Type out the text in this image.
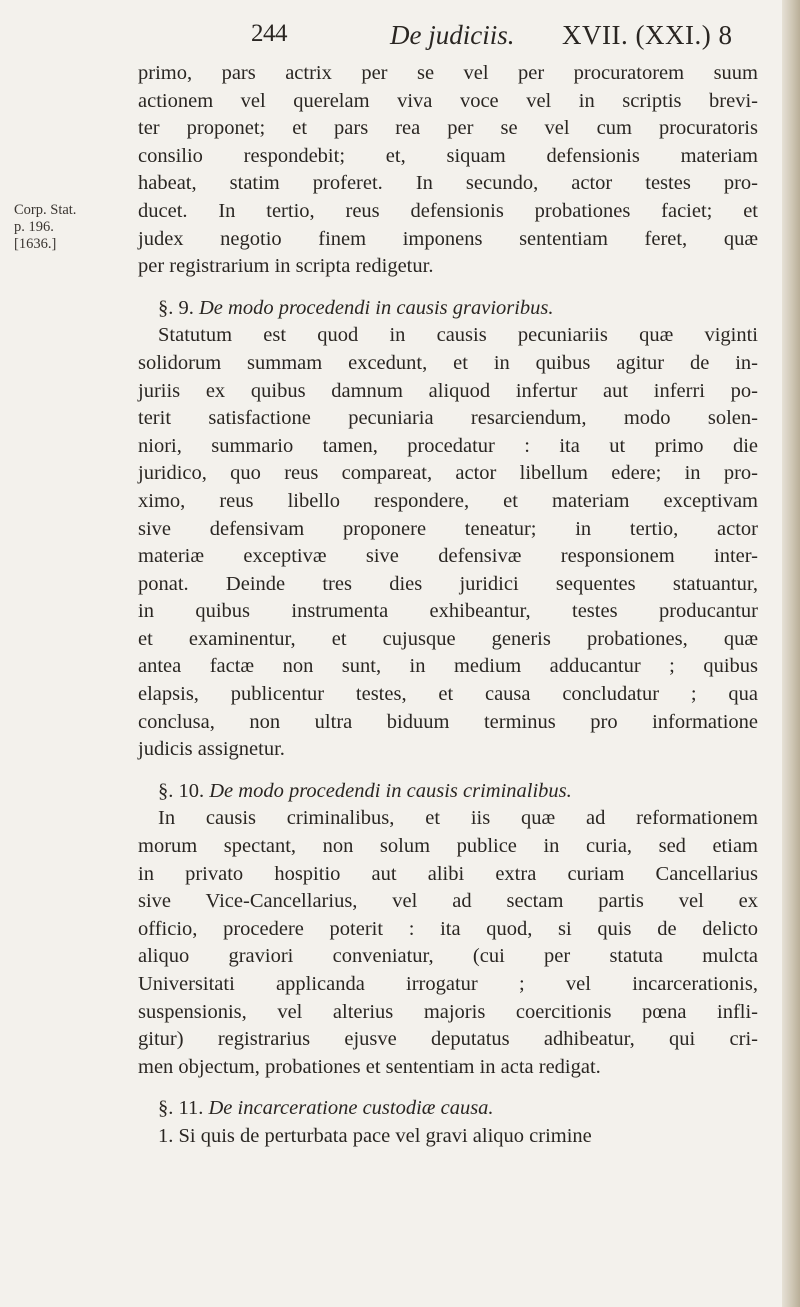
244	De judiciis. XVII. (XXI.) 8
Corp. Stat.
p. 196.
[1636.]
primo, pars actrix per se vel per procuratorem suum
actionem vel querelam viva voce vel in scriptis brevi-
ter proponet; et pars rea per se vel cum procuratoris
consilio respondebit; et, siquam defensionis materiam
habeat, statim proferet. In secundo, actor testes pro-
ducet. In tertio, reus defensionis probationes faciet; et
judex negotio finem imponens sententiam feret, quæ
per registrarium in scripta redigetur.
§. 9. De modo procedendi in causis gravioribus.
Statutum est quod in causis pecuniariis quæ viginti
solidorum summam excedunt, et in quibus agitur de in-
juriis ex quibus damnum aliquod infertur aut inferri po-
terit satisfactione pecuniaria resarciendum, modo solen-
niori, summario tamen, procedatur : ita ut primo die
juridico, quo reus compareat, actor libellum edere; in pro-
ximo, reus libello respondere, et materiam exceptivam
sive defensivam proponere teneatur; in tertio, actor
materiæ exceptivæ sive defensivæ responsionem inter-
ponat. Deinde tres dies juridici sequentes statuantur,
in quibus instrumenta exhibeantur, testes producantur
et examinentur, et cujusque generis probationes, quæ
antea factæ non sunt, in medium adducantur ; quibus
elapsis, publicentur testes, et causa concludatur ; qua
conclusa, non ultra biduum terminus pro informatione
judicis assignetur.
§. 10. De modo procedendi in causis criminalibus.
In causis criminalibus, et iis quæ ad reformationem
morum spectant, non solum publice in curia, sed etiam
in privato hospitio aut alibi extra curiam Cancellarius
sive Vice-Cancellarius, vel ad sectam partis vel ex
officio, procedere poterit : ita quod, si quis de delicto
aliquo graviori conveniatur, (cui per statuta mulcta
Universitati applicanda irrogatur ; vel incarcerationis,
suspensionis, vel alterius majoris coercitionis pœna infli-
gitur) registrarius ejusve deputatus adhibeatur, qui cri-
men objectum, probationes et sententiam in acta redigat.
§. 11. De incarceratione custodiæ causa.
1. Si quis de perturbata pace vel gravi aliquo crimine
